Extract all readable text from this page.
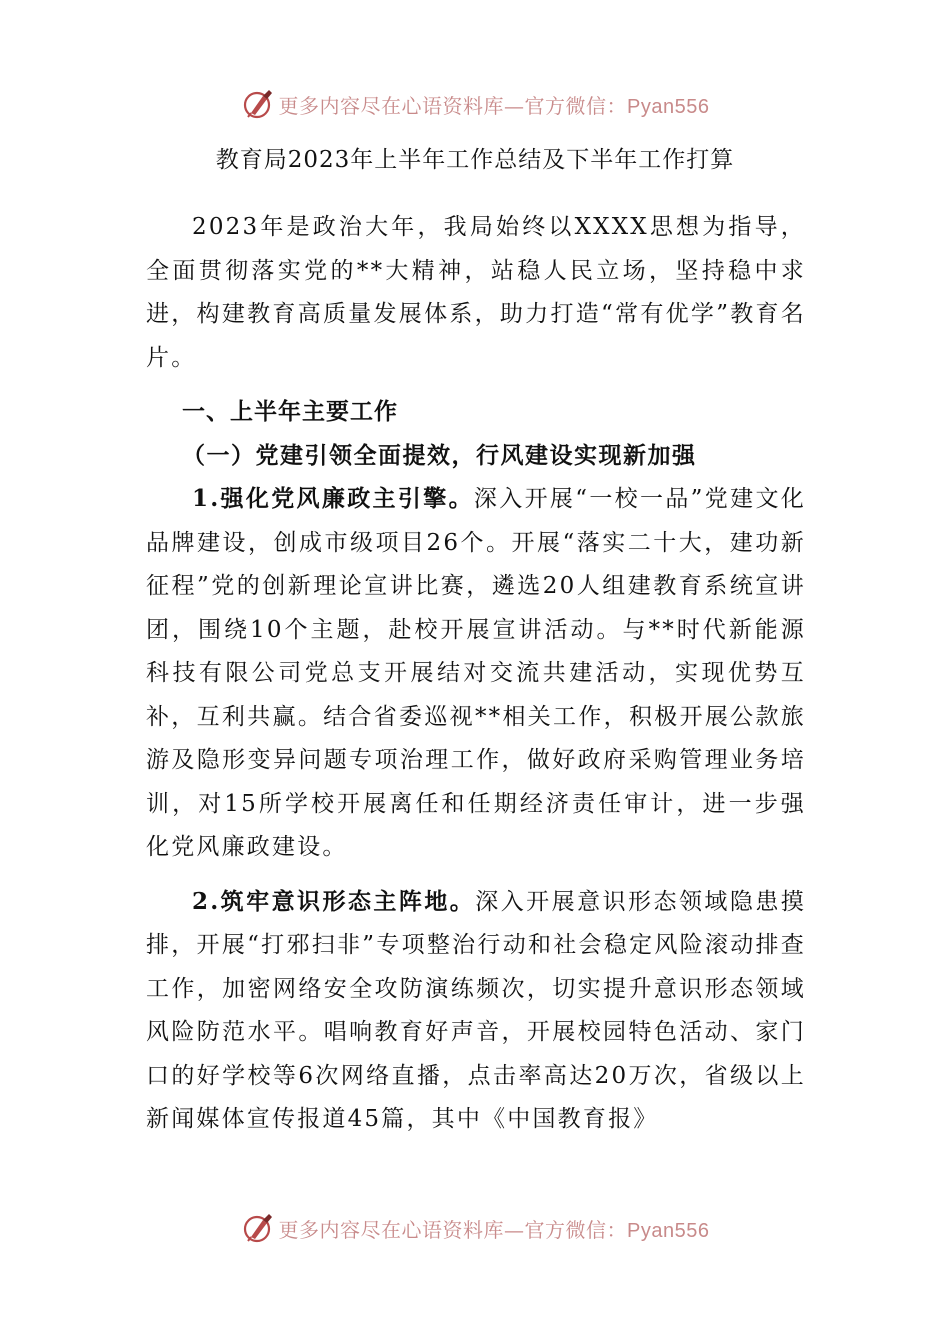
更多内容尽在心语资料库—官方微信：Pyan556
教育局2023年上半年工作总结及下半年工作打算

2023年是政治大年，我局始终以XXXX思想为指导，全面贯彻落实党的**大精神，站稳人民立场，坚持稳中求进，构建教育高质量发展体系，助力打造“常有优学”教育名片。

一、上半年主要工作

（一）党建引领全面提效，行风建设实现新加强

1.强化党风廉政主引擎。深入开展“一校一品”党建文化品牌建设，创成市级项目26个。开展“落实二十大，建功新征程”党的创新理论宣讲比赛，遴选20人组建教育系统宣讲团，围绕10个主题，赴校开展宣讲活动。与**时代新能源科技有限公司党总支开展结对交流共建活动，实现优势互补，互利共赢。结合省委巡视**相关工作，积极开展公款旅游及隐形变异问题专项治理工作，做好政府采购管理业务培训，对15所学校开展离任和任期经济责任审计，进一步强化党风廉政建设。

2.筑牢意识形态主阵地。深入开展意识形态领域隐患摸排，开展“打邪扫非”专项整治行动和社会稳定风险滚动排查工作，加密网络安全攻防演练频次，切实提升意识形态领域风险防范水平。唱响教育好声音，开展校园特色活动、家门口的好学校等6次网络直播，点击率高达20万次，省级以上新闻媒体宣传报道45篇，其中《中国教育报》

更多内容尽在心语资料库—官方微信：Pyan556
